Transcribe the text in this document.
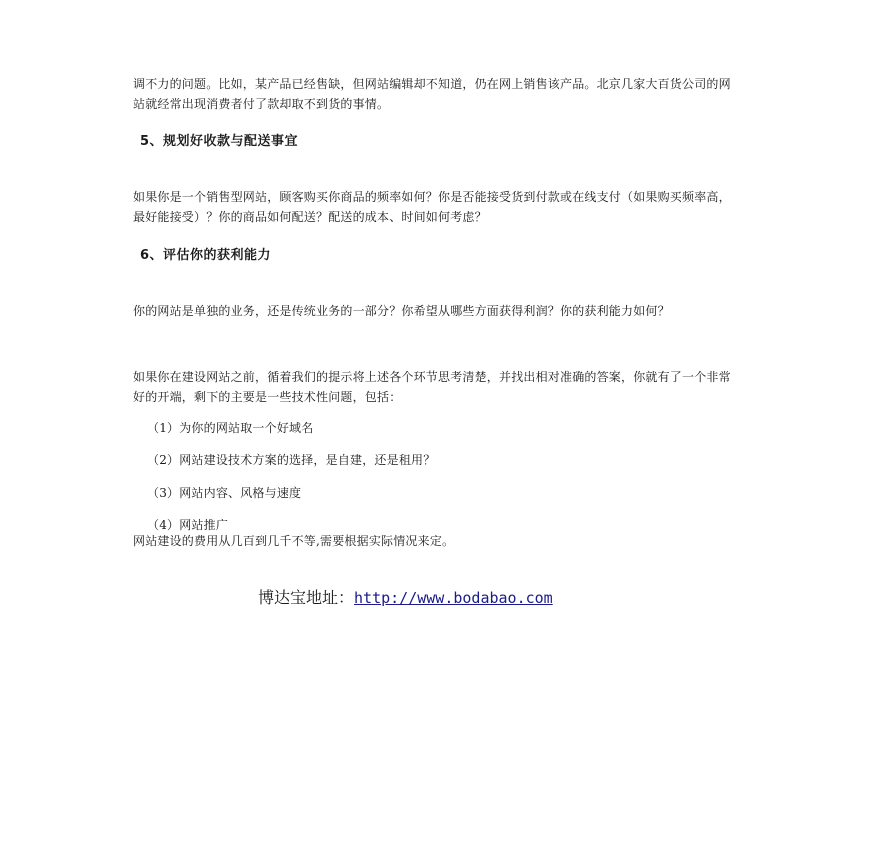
调不力的问题。比如，某产品已经售缺，但网站编辑却不知道，仍在网上销售该产品。北京几家大百货公司的网站就经常出现消费者付了款却取不到货的事情。

5、规划好收款与配送事宜

如果你是一个销售型网站，顾客购买你商品的频率如何？你是否能接受货到付款或在线支付（如果购买频率高，最好能接受）？你的商品如何配送？配送的成本、时间如何考虑？

6、评估你的获利能力

你的网站是单独的业务，还是传统业务的一部分？你希望从哪些方面获得利润？你的获利能力如何？

如果你在建设网站之前，循着我们的提示将上述各个环节思考清楚，并找出相对准确的答案，你就有了一个非常好的开端，剩下的主要是一些技术性问题，包括：

（1）为你的网站取一个好域名

（2）网站建设技术方案的选择，是自建，还是租用？

（3）网站内容、风格与速度

（4）网站推广

网站建设的费用从几百到几千不等,需要根据实际情况来定。

博达宝地址：http://www.bodabao.com
